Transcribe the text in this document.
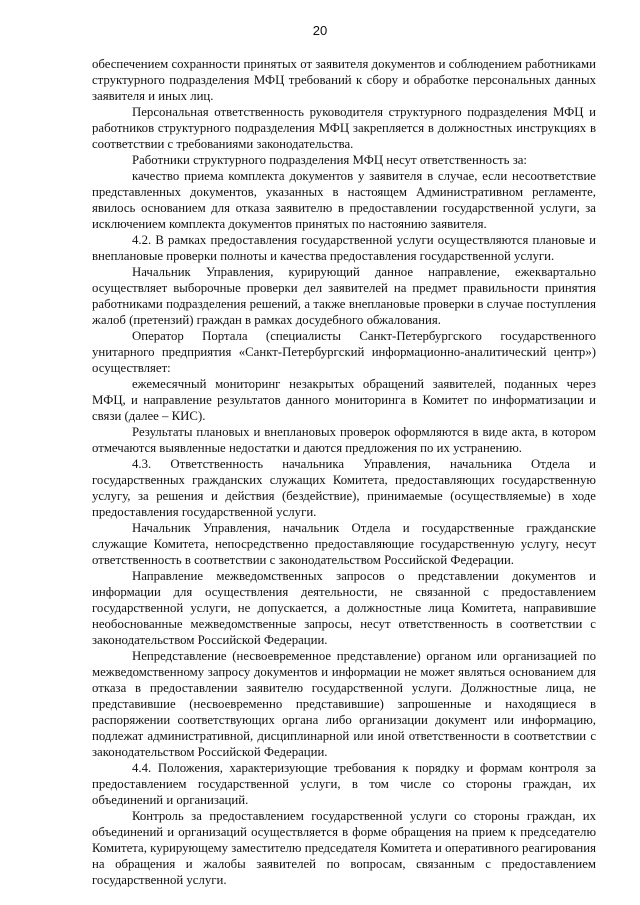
20

обеспечением сохранности принятых от заявителя документов и соблюдением работниками структурного подразделения МФЦ требований к сбору и обработке персональных данных заявителя и иных лиц.

Персональная ответственность руководителя структурного подразделения МФЦ и работников структурного подразделения МФЦ закрепляется в должностных инструкциях в соответствии с требованиями законодательства.

Работники структурного подразделения МФЦ несут ответственность за:

качество приема комплекта документов у заявителя в случае, если несоответствие представленных документов, указанных в настоящем Административном регламенте, явилось основанием для отказа заявителю в предоставлении государственной услуги, за исключением комплекта документов принятых по настоянию заявителя.

4.2. В рамках предоставления государственной услуги осуществляются плановые и внеплановые проверки полноты и качества предоставления государственной услуги.

Начальник Управления, курирующий данное направление, ежеквартально осуществляет выборочные проверки дел заявителей на предмет правильности принятия работниками подразделения решений, а также внеплановые проверки в случае поступления жалоб (претензий) граждан в рамках досудебного обжалования.

Оператор Портала (специалисты Санкт-Петербургского государственного унитарного предприятия «Санкт-Петербургский информационно-аналитический центр») осуществляет:

ежемесячный мониторинг незакрытых обращений заявителей, поданных через МФЦ, и направление результатов данного мониторинга в Комитет по информатизации и связи (далее – КИС).

Результаты плановых и внеплановых проверок оформляются в виде акта, в котором отмечаются выявленные недостатки и даются предложения по их устранению.

4.3. Ответственность начальника Управления, начальника Отдела и государственных гражданских служащих Комитета, предоставляющих государственную услугу, за решения и действия (бездействие), принимаемые (осуществляемые) в ходе предоставления государственной услуги.

Начальник Управления, начальник Отдела и государственные гражданские служащие Комитета, непосредственно предоставляющие государственную услугу, несут ответственность в соответствии с законодательством Российской Федерации.

Направление межведомственных запросов о представлении документов и информации для осуществления деятельности, не связанной с предоставлением государственной услуги, не допускается, а должностные лица Комитета, направившие необоснованные межведомственные запросы, несут ответственность в соответствии с законодательством Российской Федерации.

Непредставление (несвоевременное представление) органом или организацией по межведомственному запросу документов и информации не может являться основанием для отказа в предоставлении заявителю государственной услуги. Должностные лица, не представившие (несвоевременно представившие) запрошенные и находящиеся в распоряжении соответствующих органа либо организации документ или информацию, подлежат административной, дисциплинарной или иной ответственности в соответствии с законодательством Российской Федерации.

4.4. Положения, характеризующие требования к порядку и формам контроля за предоставлением государственной услуги, в том числе со стороны граждан, их объединений и организаций.

Контроль за предоставлением государственной услуги со стороны граждан, их объединений и организаций осуществляется в форме обращения на прием к председателю Комитета, курирующему заместителю председателя Комитета и оперативного реагирования на обращения и жалобы заявителей по вопросам, связанным с предоставлением государственной услуги.
